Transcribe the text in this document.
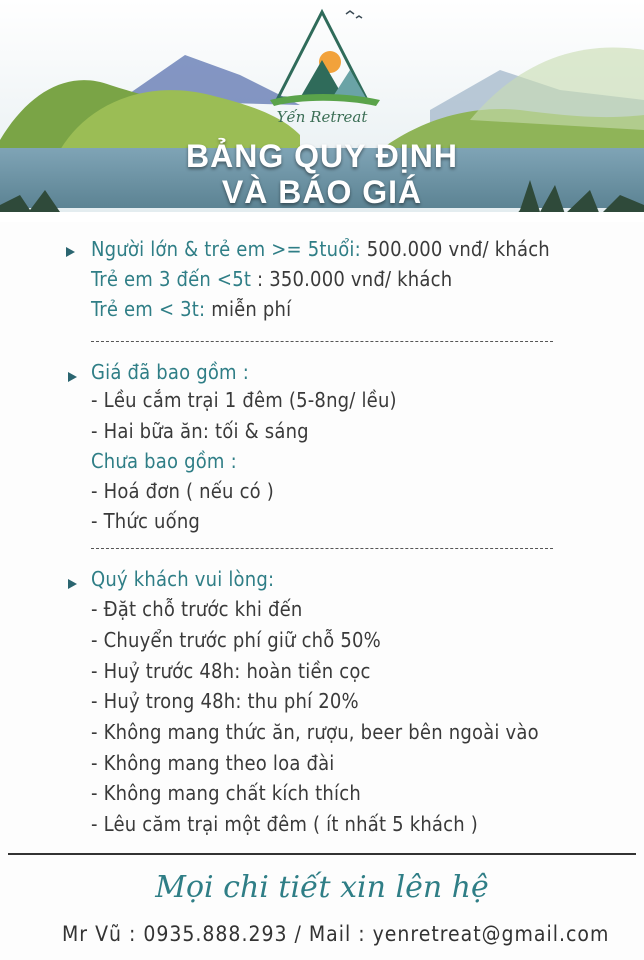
Yến Retreat
BẢNG QUY ĐỊNH
VÀ BÁO GIÁ
Người lớn & trẻ em >= 5tuổi: 500.000 vnđ/ khách
Trẻ em 3 đến <5t : 350.000 vnđ/ khách
Trẻ em < 3t: miễn phí
Giá đã bao gồm :
- Lều cắm trại 1 đêm (5-8ng/ lều)
- Hai bữa ăn: tối & sáng
Chưa bao gồm :
- Hoá đơn ( nếu có )
- Thức uống
Quý khách vui lòng:
- Đặt chỗ trước khi đến
- Chuyển trước phí giữ chỗ 50%
- Huỷ trước 48h: hoàn tiền cọc
- Huỷ trong 48h: thu phí 20%
- Không mang thức ăn, rượu, beer bên ngoài vào
- Không mang theo loa đài
- Không mang chất kích thích
- Lêu căm trại một đêm ( ít nhất 5 khách )
Mọi chi tiết xin lên hệ
Mr Vũ : 0935.888.293 / Mail : yenretreat@gmail.com
